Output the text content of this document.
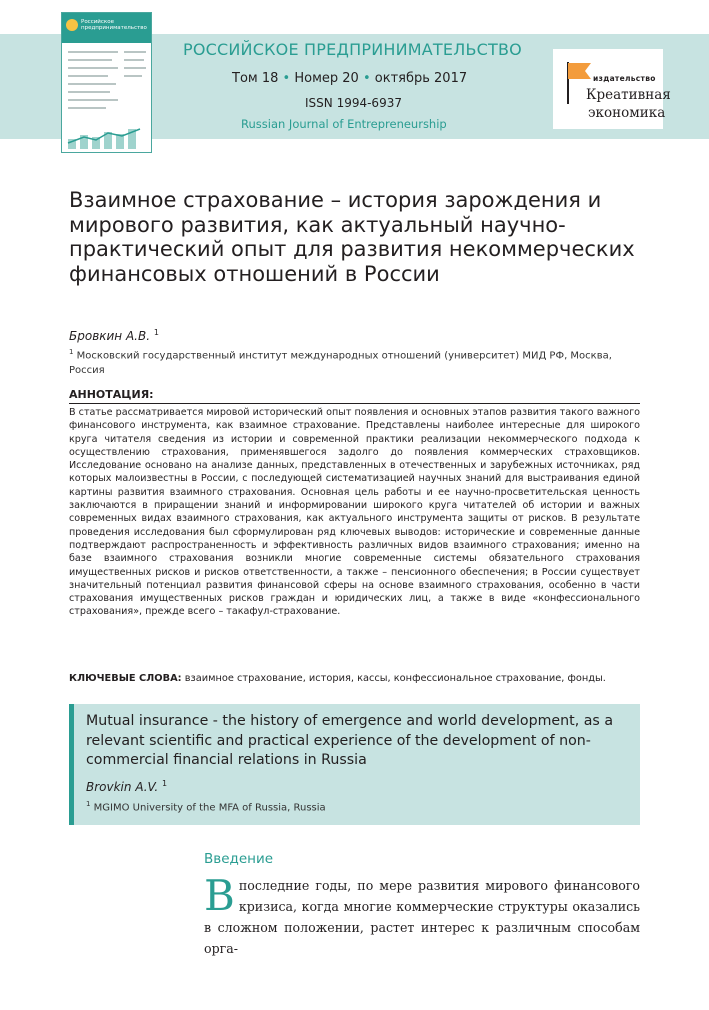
Российское предпринимательство
РОССИЙСКОЕ ПРЕДПРИНИМАТЕЛЬСТВО
Том 18 • Номер 20 • октябрь 2017
ISSN 1994-6937
Russian Journal of Entrepreneurship
издательство
Креативная
экономика
Взаимное страхование – история зарождения и мирового развития, как актуальный научно-практический опыт для развития некоммерческих финансовых отношений в России
Бровкин А.В. $^1$
$^1$ Московский государственный институт международных отношений (университет) МИД РФ, Москва, Россия
АННОТАЦИЯ:

В статье рассматривается мировой исторический опыт появления и основных этапов развития такого важного финансового инструмента, как взаимное страхование. Представлены наиболее интересные для широкого круга читателя сведения из истории и современной практики реализации некоммерческого подхода к осуществлению страхования, применявшегося задолго до появления коммерческих страховщиков. Исследование основано на анализе данных, представленных в отечественных и зарубежных источниках, ряд которых малоизвестны в России, с последующей систематизацией научных знаний для выстраивания единой картины развития взаимного страхования. Основная цель работы и ее научно-просветительская ценность заключаются в приращении знаний и информировании широкого круга читателей об истории и важных современных видах взаимного страхования, как актуального инструмента защиты от рисков. В результате проведения исследования был сформулирован ряд ключевых выводов: исторические и современные данные подтверждают распространенность и эффективность различных видов взаимного страхования; именно на базе взаимного страхования возникли многие современные системы обязательного страхования имущественных рисков и рисков ответственности, а также – пенсионного обеспечения; в России существует значительный потенциал развития финансовой сферы на основе взаимного страхования, особенно в части страхования имущественных рисков граждан и юридических лиц, а также в виде «конфессионального страхования», прежде всего – такафул-страхование.

КЛЮЧЕВЫЕ СЛОВА: взаимное страхование, история, кассы, конфессиональное страхование, фонды.
Mutual insurance - the history of emergence and world development, as a relevant scientific and practical experience of the development of non-commercial financial relations in Russia
Brovkin A.V. $^1$
$^1$ MGIMO University of the MFA of Russia, Russia
Введение

Впоследние годы, по мере развития мирового финансового кризиса, когда многие коммерческие структуры оказались в сложном положении, растет интерес к различным способам орга-
